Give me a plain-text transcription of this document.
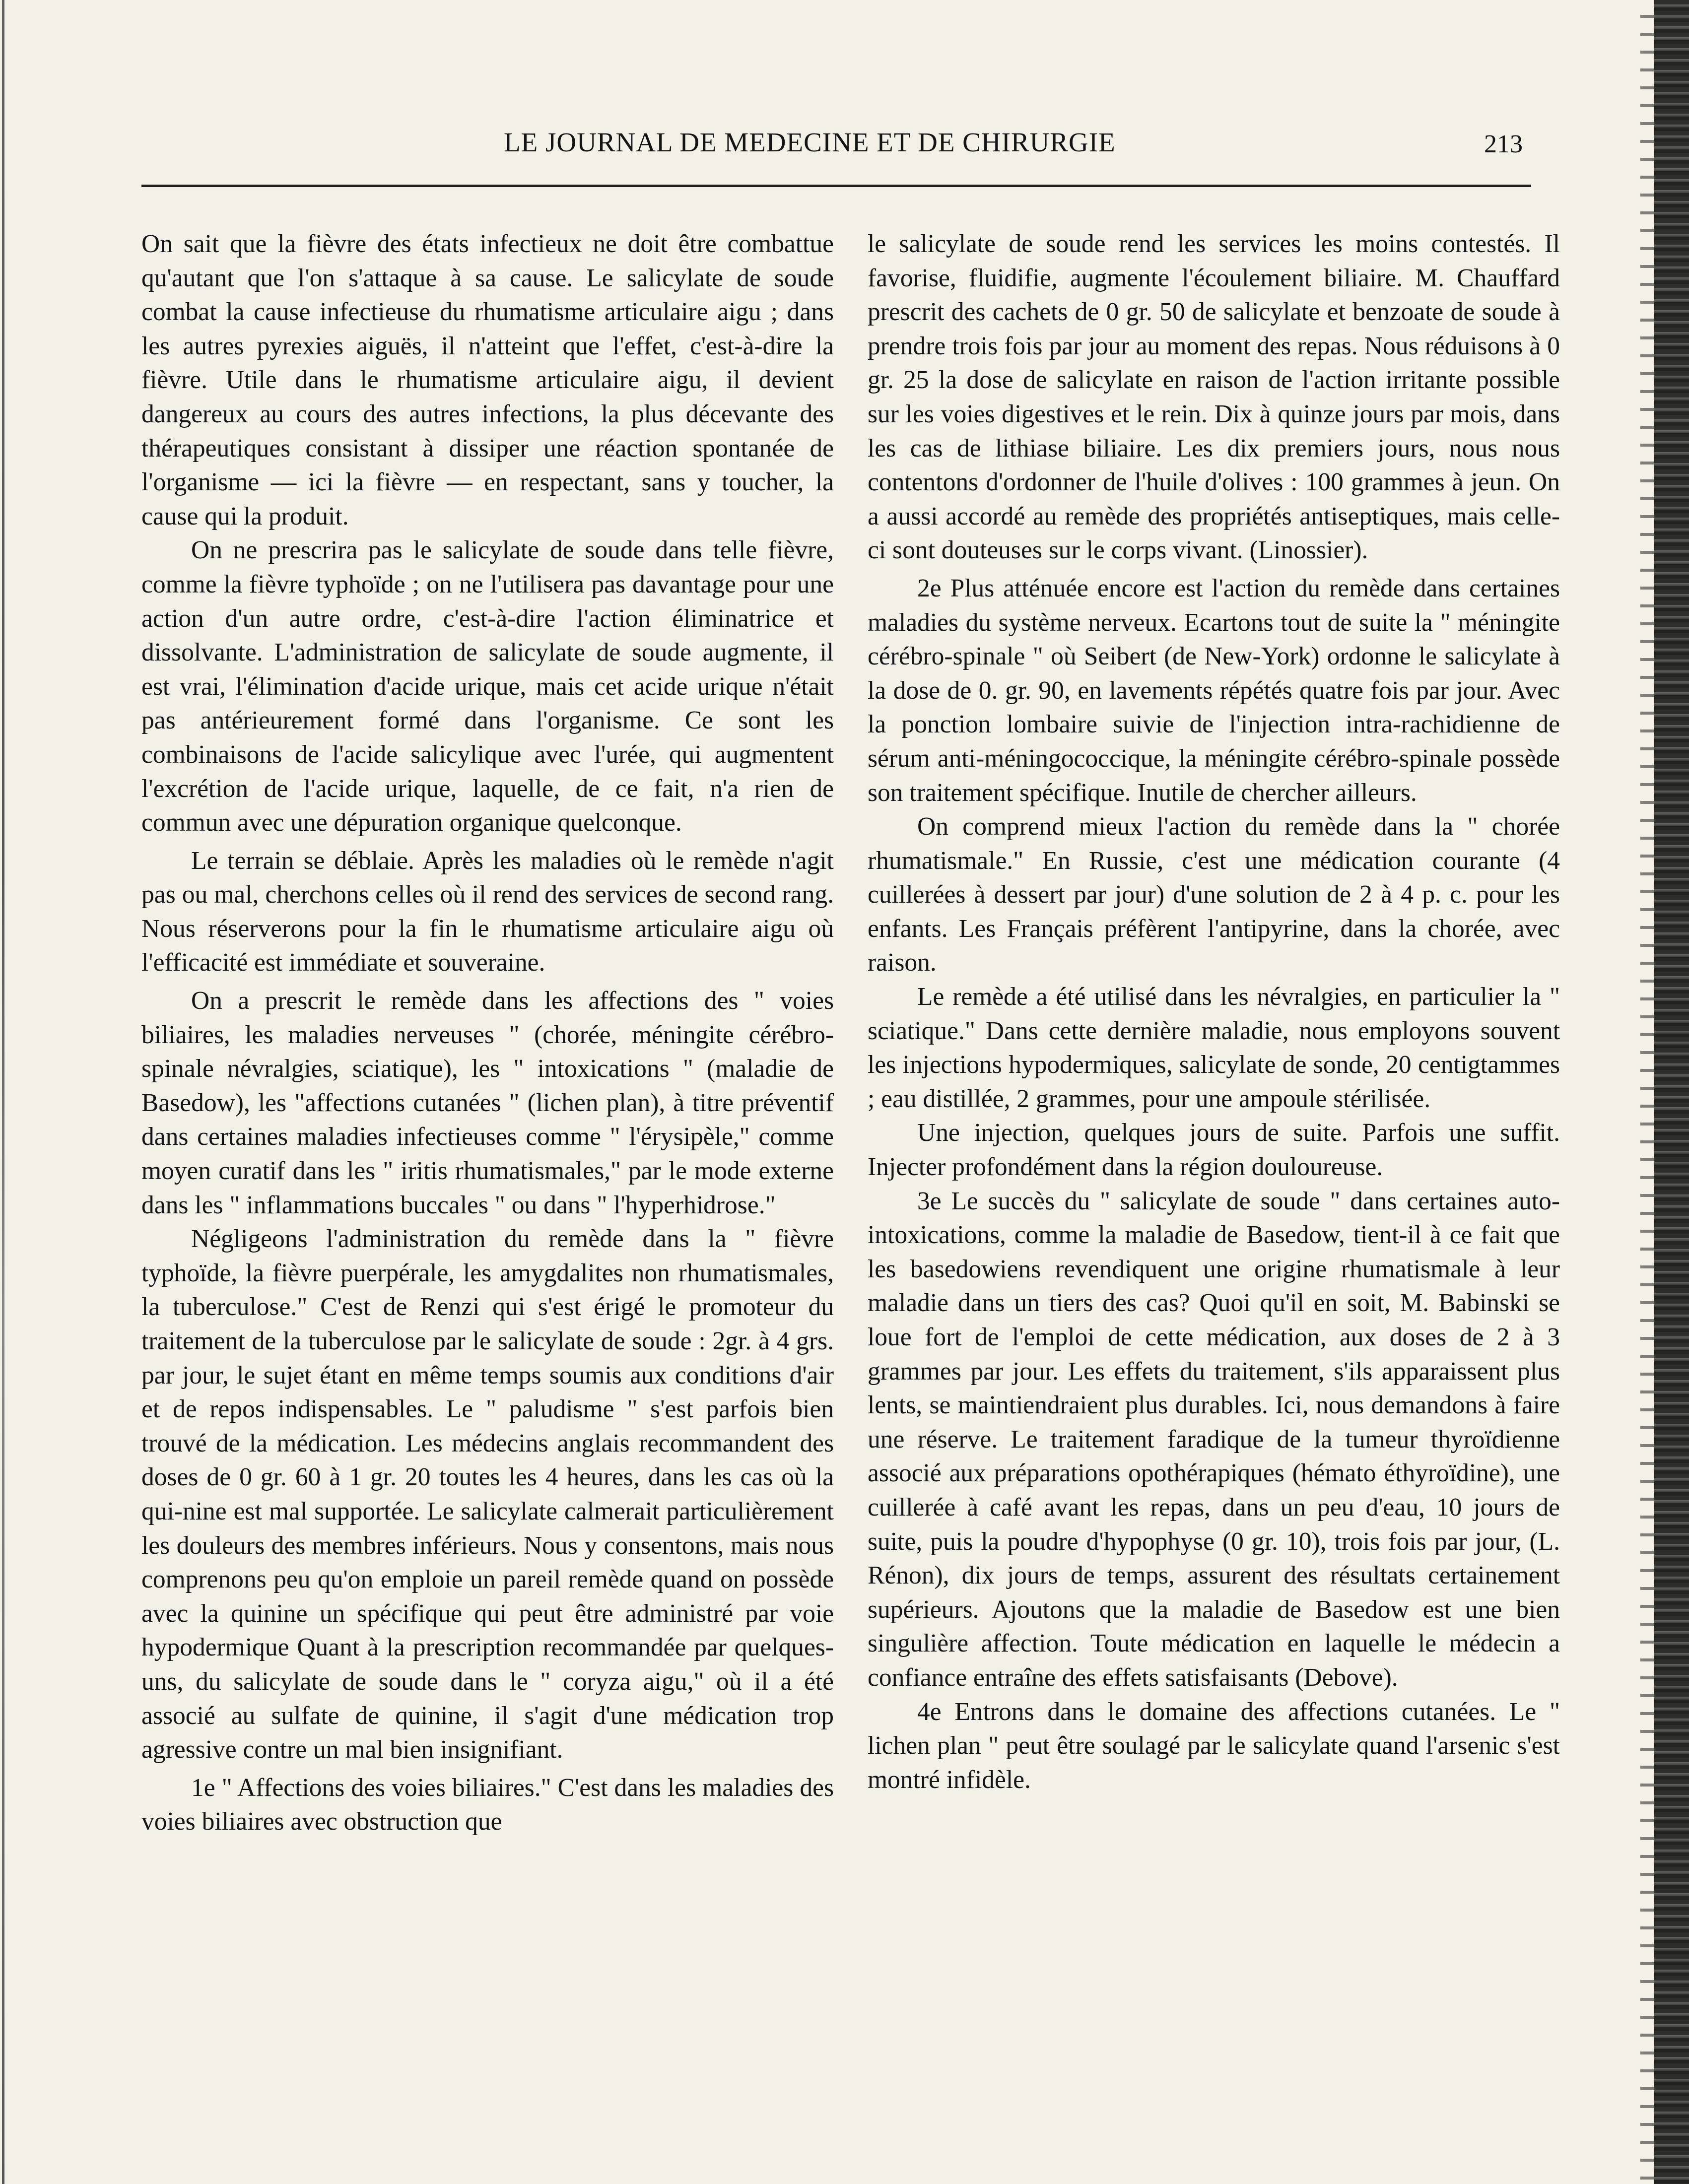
LE JOURNAL DE MEDECINE ET DE CHIRURGIE	213

On sait que la fièvre des états infectieux ne doit être combattue qu'autant que l'on s'attaque à sa cause. Le salicylate de soude combat la cause infectieuse du rhumatisme articulaire aigu ; dans les autres pyrexies aiguës, il n'atteint que l'effet, c'est-à-dire la fièvre. Utile dans le rhumatisme articulaire aigu, il devient dangereux au cours des autres infections, la plus décevante des thérapeutiques consistant à dissiper une réaction spontanée de l'organisme — ici la fièvre — en respectant, sans y toucher, la cause qui la produit.

On ne prescrira pas le salicylate de soude dans telle fièvre, comme la fièvre typhoïde ; on ne l'utilisera pas davantage pour une action d'un autre ordre, c'est-à-dire l'action éliminatrice et dissolvante. L'administration de salicylate de soude augmente, il est vrai, l'élimination d'acide urique, mais cet acide urique n'était pas antérieurement formé dans l'organisme. Ce sont les combinaisons de l'acide salicylique avec l'urée, qui augmentent l'excrétion de l'acide urique, laquelle, de ce fait, n'a rien de commun avec une dépuration organique quelconque.

Le terrain se déblaie. Après les maladies où le remède n'agit pas ou mal, cherchons celles où il rend des services de second rang. Nous réserverons pour la fin le rhumatisme articulaire aigu où l'efficacité est immédiate et souveraine.

On a prescrit le remède dans les affections des " voies biliaires, les maladies nerveuses " (chorée, méningite cérébro-spinale névralgies, sciatique), les " intoxications " (maladie de Basedow), les "affections cutanées " (lichen plan), à titre préventif dans certaines maladies infectieuses comme " l'érysipèle," comme moyen curatif dans les " iritis rhumatismales," par le mode externe dans les " inflammations buccales " ou dans " l'hyperhidrose."

Négligeons l'administration du remède dans la " fièvre typhoïde, la fièvre puerpérale, les amygdalites non rhumatismales, la tuberculose." C'est de Renzi qui s'est érigé le promoteur du traitement de la tuberculose par le salicylate de soude : 2gr. à 4 grs. par jour, le sujet étant en même temps soumis aux conditions d'air et de repos indispensables. Le " paludisme " s'est parfois bien trouvé de la médication. Les médecins anglais recommandent des doses de 0 gr. 60 à 1 gr. 20 toutes les 4 heures, dans les cas où la qui-nine est mal supportée. Le salicylate calmerait particulièrement les douleurs des membres inférieurs. Nous y consentons, mais nous comprenons peu qu'on emploie un pareil remède quand on possède avec la quinine un spécifique qui peut être administré par voie hypodermique Quant à la prescription recommandée par quelques-uns, du salicylate de soude dans le " coryza aigu," où il a été associé au sulfate de quinine, il s'agit d'une médication trop agressive contre un mal bien insignifiant.

1e " Affections des voies biliaires." C'est dans les maladies des voies biliaires avec obstruction que

le salicylate de soude rend les services les moins contestés. Il favorise, fluidifie, augmente l'écoulement biliaire. M. Chauffard prescrit des cachets de 0 gr. 50 de salicylate et benzoate de soude à prendre trois fois par jour au moment des repas. Nous réduisons à 0 gr. 25 la dose de salicylate en raison de l'action irritante possible sur les voies digestives et le rein. Dix à quinze jours par mois, dans les cas de lithiase biliaire. Les dix premiers jours, nous nous contentons d'ordonner de l'huile d'olives : 100 grammes à jeun. On a aussi accordé au remède des propriétés antiseptiques, mais celle-ci sont douteuses sur le corps vivant. (Linossier).

2e Plus atténuée encore est l'action du remède dans certaines maladies du système nerveux. Ecartons tout de suite la " méningite cérébro-spinale " où Seibert (de New-York) ordonne le salicylate à la dose de 0. gr. 90, en lavements répétés quatre fois par jour. Avec la ponction lombaire suivie de l'injection intra-rachidienne de sérum anti-méningococcique, la méningite cérébro-spinale possède son traitement spécifique. Inutile de chercher ailleurs.

On comprend mieux l'action du remède dans la " chorée rhumatismale." En Russie, c'est une médication courante (4 cuillerées à dessert par jour) d'une solution de 2 à 4 p. c. pour les enfants. Les Français préfèrent l'antipyrine, dans la chorée, avec raison.

Le remède a été utilisé dans les névralgies, en particulier la " sciatique." Dans cette dernière maladie, nous employons souvent les injections hypodermiques, salicylate de sonde, 20 centigtammes ; eau distillée, 2 grammes, pour une ampoule stérilisée.

Une injection, quelques jours de suite. Parfois une suffit. Injecter profondément dans la région douloureuse.

3e Le succès du " salicylate de soude " dans certaines auto-intoxications, comme la maladie de Basedow, tient-il à ce fait que les basedowiens revendiquent une origine rhumatismale à leur maladie dans un tiers des cas? Quoi qu'il en soit, M. Babinski se loue fort de l'emploi de cette médication, aux doses de 2 à 3 grammes par jour. Les effets du traitement, s'ils apparaissent plus lents, se maintiendraient plus durables. Ici, nous demandons à faire une réserve. Le traitement faradique de la tumeur thyroïdienne associé aux préparations opothérapiques (hémato éthyroïdine), une cuillerée à café avant les repas, dans un peu d'eau, 10 jours de suite, puis la poudre d'hypophyse (0 gr. 10), trois fois par jour, (L. Rénon), dix jours de temps, assurent des résultats certainement supérieurs. Ajoutons que la maladie de Basedow est une bien singulière affection. Toute médication en laquelle le médecin a confiance entraîne des effets satisfaisants (Debove).

4e Entrons dans le domaine des affections cutanées. Le " lichen plan " peut être soulagé par le salicylate quand l'arsenic s'est montré infidèle.
